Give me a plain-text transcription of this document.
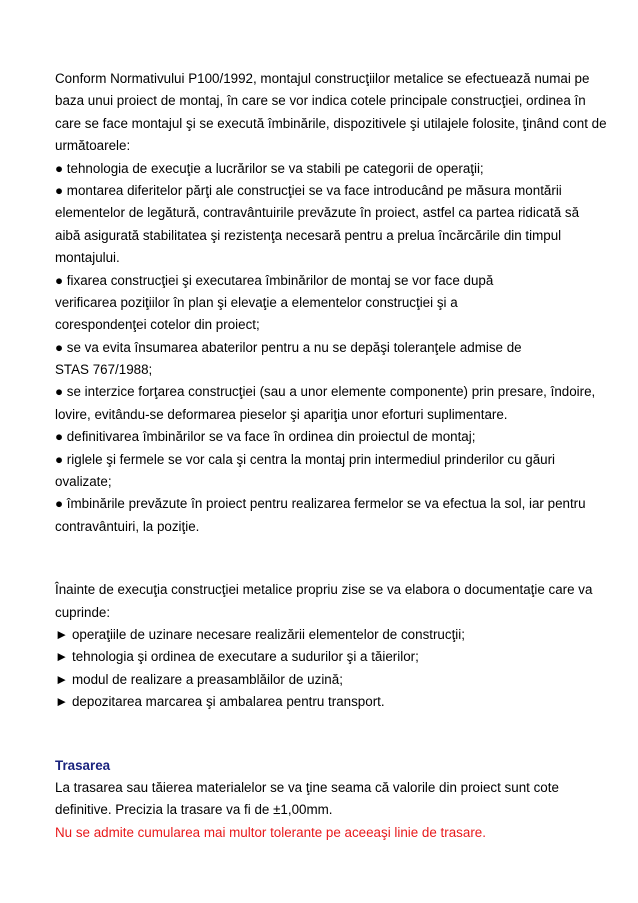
Conform Normativului P100/1992, montajul construcţiilor metalice se efectuează numai pe
baza unui proiect de montaj, în care se vor indica cotele principale construcţiei, ordinea în
care se face montajul şi se execută îmbinările, dispozitivele şi utilajele folosite, ţinând cont de
următoarele:
● tehnologia de execuţie a lucrărilor se va stabili pe categorii de operaţii;
● montarea diferitelor părţi ale construcţiei se va face introducând pe măsura montării
elementelor de legătură, contravântuirile prevăzute în proiect, astfel ca partea ridicată să
aibă asigurată stabilitatea şi rezistenţa necesară pentru a prelua încărcările din timpul
montajului.
● fixarea construcţiei şi executarea îmbinărilor de montaj se vor face după
verificarea poziţiilor în plan şi elevaţie a elementelor construcţiei şi a
corespondenţei cotelor din proiect;
● se va evita însumarea abaterilor pentru a nu se depăşi toleranţele admise de
STAS 767/1988;
● se interzice forţarea construcţiei (sau a unor elemente componente) prin presare, îndoire,
lovire, evitându-se deformarea pieselor şi apariţia unor eforturi suplimentare.
● definitivarea îmbinărilor se va face în ordinea din proiectul de montaj;
● riglele şi fermele se vor cala şi centra la montaj prin intermediul prinderilor cu găuri
ovalizate;
● îmbinările prevăzute în proiect pentru realizarea fermelor se va efectua la sol, iar pentru
contravântuiri, la poziţie.
Înainte de execuţia construcţiei metalice propriu zise se va elabora o documentaţie care va
cuprinde:
► operaţiile de uzinare necesare realizării elementelor de construcţii;
► tehnologia şi ordinea de executare a sudurilor şi a tăierilor;
► modul de realizare a preasamblăilor de uzină;
► depozitarea marcarea şi ambalarea pentru transport.
Trasarea
La trasarea sau tăierea materialelor se va ţine seama că valorile din proiect sunt cote
definitive. Precizia la trasare va fi de ±1,00mm.
Nu se admite cumularea mai multor tolerante pe aceeaşi linie de trasare.
